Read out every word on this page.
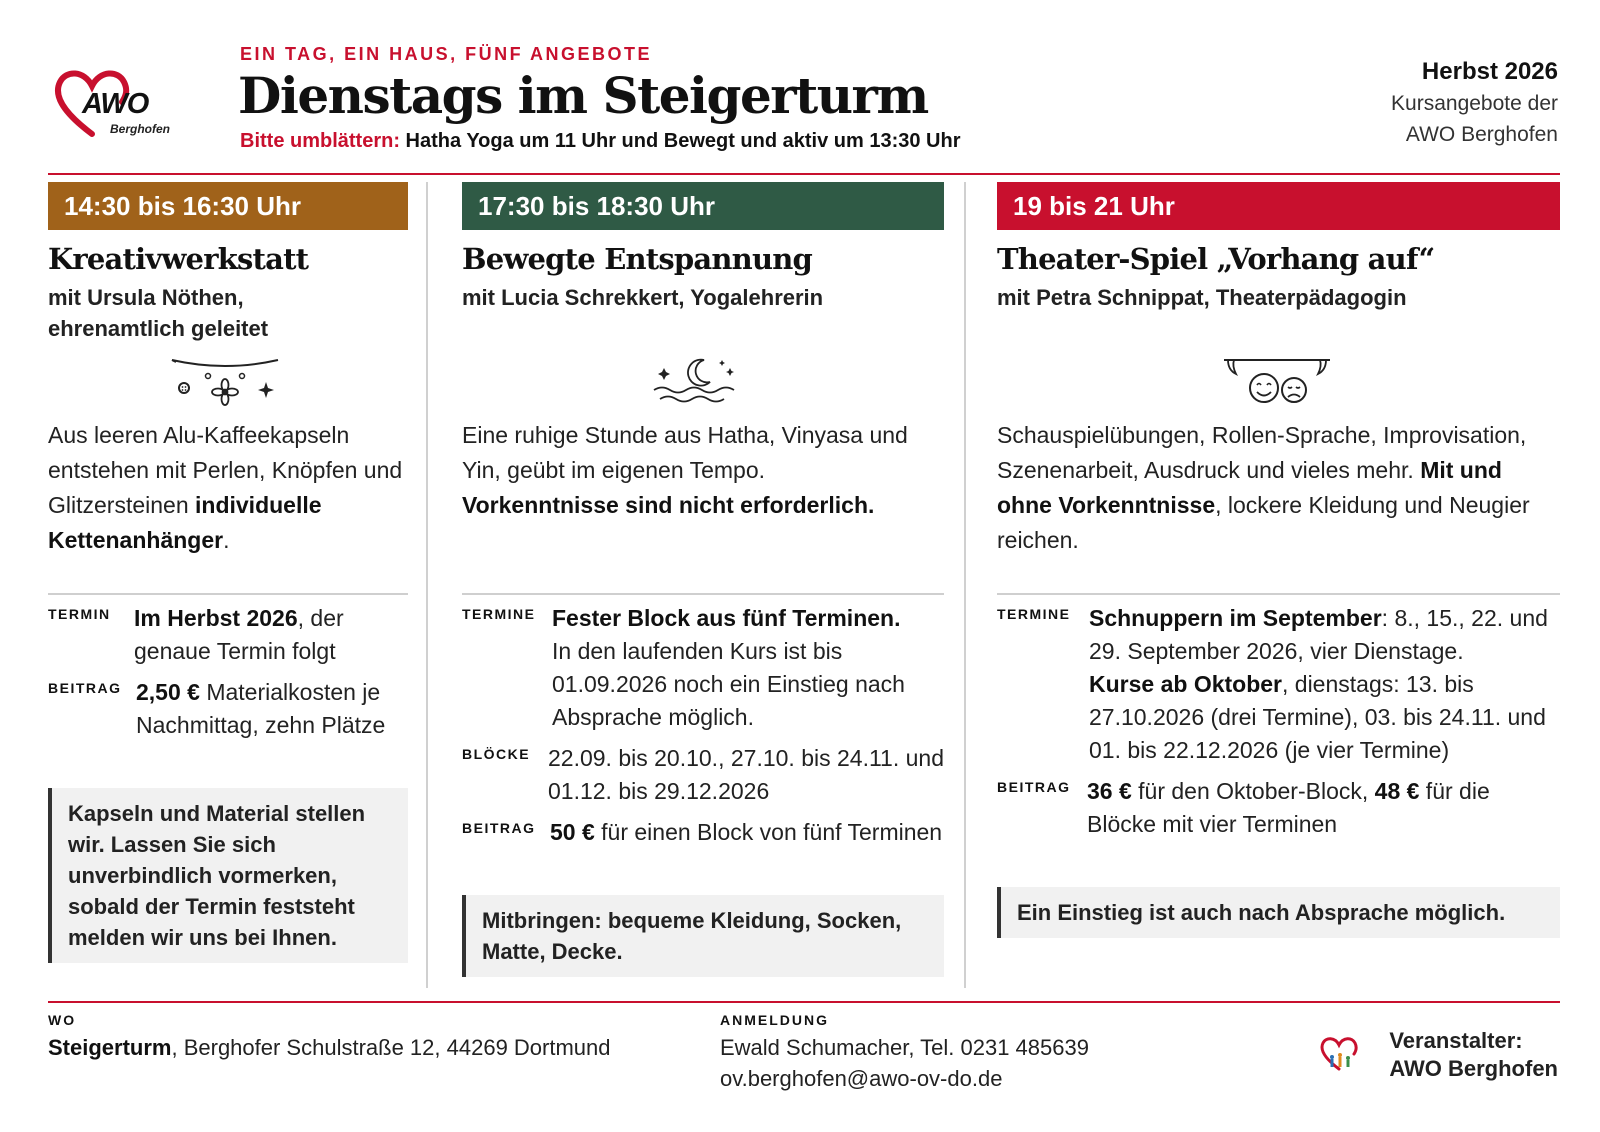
AWO
Berghofen
EIN TAG, EIN HAUS, FÜNF ANGEBOTE
Dienstags im Steigerturm
Bitte umblättern: Hatha Yoga um 11 Uhr und Bewegt und aktiv um 13:30 Uhr
Herbst 2026
Kursangebote der
AWO Berghofen
14:30 bis 16:30 Uhr
Kreativwerkstatt
mit Ursula Nöthen,
ehrenamtlich geleitet
Aus leeren Alu-Kaffeekapseln entstehen mit Perlen, Knöpfen und Glitzersteinen individuelle Kettenanhänger.
TERMIN Im Herbst 2026, der genaue Termin folgt
BEITRAG 2,50 € Materialkosten je Nachmittag, zehn Plätze
Kapseln und Material stellen wir. Lassen Sie sich unverbindlich vormerken, sobald der Termin feststeht melden wir uns bei Ihnen.
17:30 bis 18:30 Uhr
Bewegte Entspannung
mit Lucia Schrekkert, Yogalehrerin
Eine ruhige Stunde aus Hatha, Vinyasa und Yin, geübt im eigenen Tempo.
Vorkenntnisse sind nicht erforderlich.
TERMINE Fester Block aus fünf Terminen.
In den laufenden Kurs ist bis 01.09.2026 noch ein Einstieg nach Absprache möglich.
BLÖCKE 22.09. bis 20.10., 27.10. bis 24.11. und 01.12. bis 29.12.2026
BEITRAG 50 € für einen Block von fünf Terminen
Mitbringen: bequeme Kleidung, Socken, Matte, Decke.
19 bis 21 Uhr
Theater-Spiel „Vorhang auf“
mit Petra Schnippat, Theaterpädagogin
Schauspielübungen, Rollen-Sprache, Improvisation, Szenenarbeit, Ausdruck und vieles mehr. Mit und ohne Vorkenntnisse, lockere Kleidung und Neugier reichen.
TERMINE Schnuppern im September: 8., 15., 22. und 29. September 2026, vier Dienstage.
Kurse ab Oktober, dienstags: 13. bis 27.10.2026 (drei Termine), 03. bis 24.11. und 01. bis 22.12.2026 (je vier Termine)
BEITRAG 36 € für den Oktober-Block, 48 € für die Blöcke mit vier Terminen
Ein Einstieg ist auch nach Absprache möglich.
WO
Steigerturm, Berghofer Schulstraße 12, 44269 Dortmund
ANMELDUNG
Ewald Schumacher, Tel. 0231 485639
ov.berghofen@awo-ov-do.de
Veranstalter:
AWO Berghofen
